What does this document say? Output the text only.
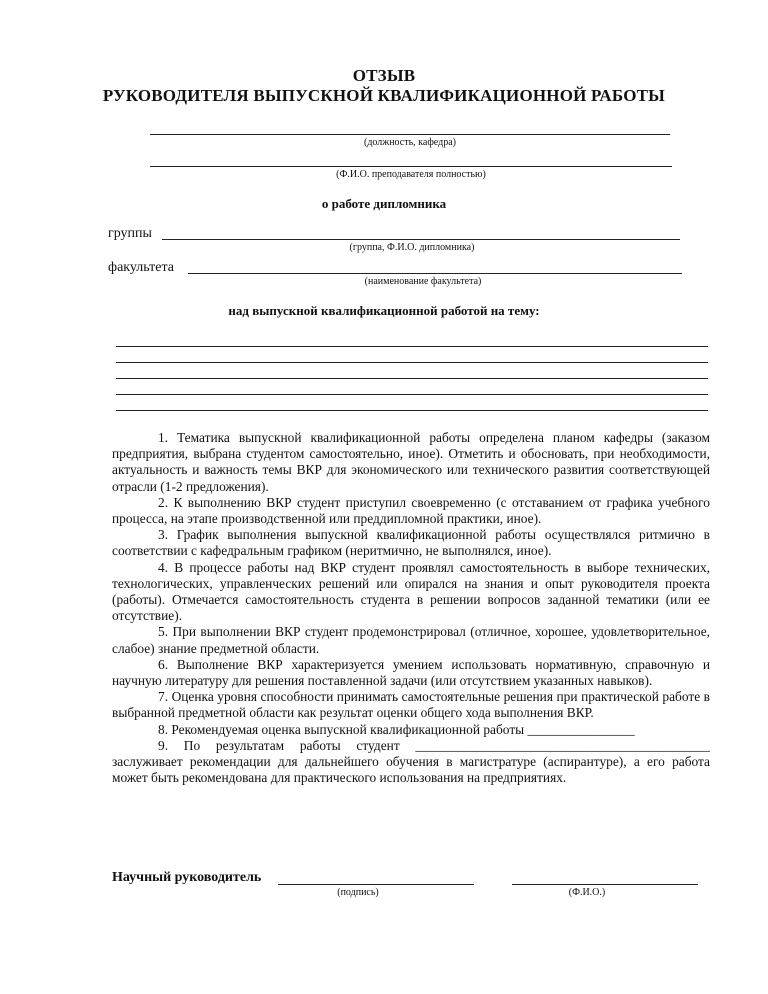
ОТЗЫВ
РУКОВОДИТЕЛЯ ВЫПУСКНОЙ КВАЛИФИКАЦИОННОЙ РАБОТЫ
(должность, кафедра)
(Ф.И.О. преподавателя полностью)
о работе дипломника
группы
(группа, Ф.И.О. дипломника)
факультета
(наименование факультета)
над выпускной квалификационной работой на тему:

1. Тематика выпускной квалификационной работы определена планом кафедры (заказом предприятия, выбрана студентом самостоятельно, иное). Отметить и обосновать, при необходимости, актуальность и важность темы ВКР для экономического или технического развития соответствующей отрасли (1-2 предложения).

2. К выполнению ВКР студент приступил своевременно (с отставанием от графика учебного процесса, на этапе производственной или преддипломной практики, иное).

3. График выполнения выпускной квалификационной работы осуществлялся ритмично в соответствии с кафедральным графиком (неритмично, не выполнялся, иное).

4. В процессе работы над ВКР студент проявлял самостоятельность в выборе технических, технологических, управленческих решений или опирался на знания и опыт руководителя проекта (работы). Отмечается самостоятельность студента в решении вопросов заданной тематики (или ее отсутствие).

5. При выполнении ВКР студент продемонстрировал (отличное, хорошее, удовлетворительное, слабое) знание предметной области.

6. Выполнение ВКР характеризуется умением использовать нормативную, справочную и научную литературу для решения поставленной задачи (или отсутствием указанных навыков).

7. Оценка уровня способности принимать самостоятельные решения при практической работе в выбранной предметной области как результат оценки общего хода выполнения ВКР.

8. Рекомендуемая оценка выпускной квалификационной работы ________________

9. По результатам работы студент ____________________________________________ заслуживает рекомендации для дальнейшего обучения в магистратуре (аспирантуре), а его работа может быть рекомендована для практического использования на предприятиях.

Научный руководитель
(подпись)	(Ф.И.О.)
